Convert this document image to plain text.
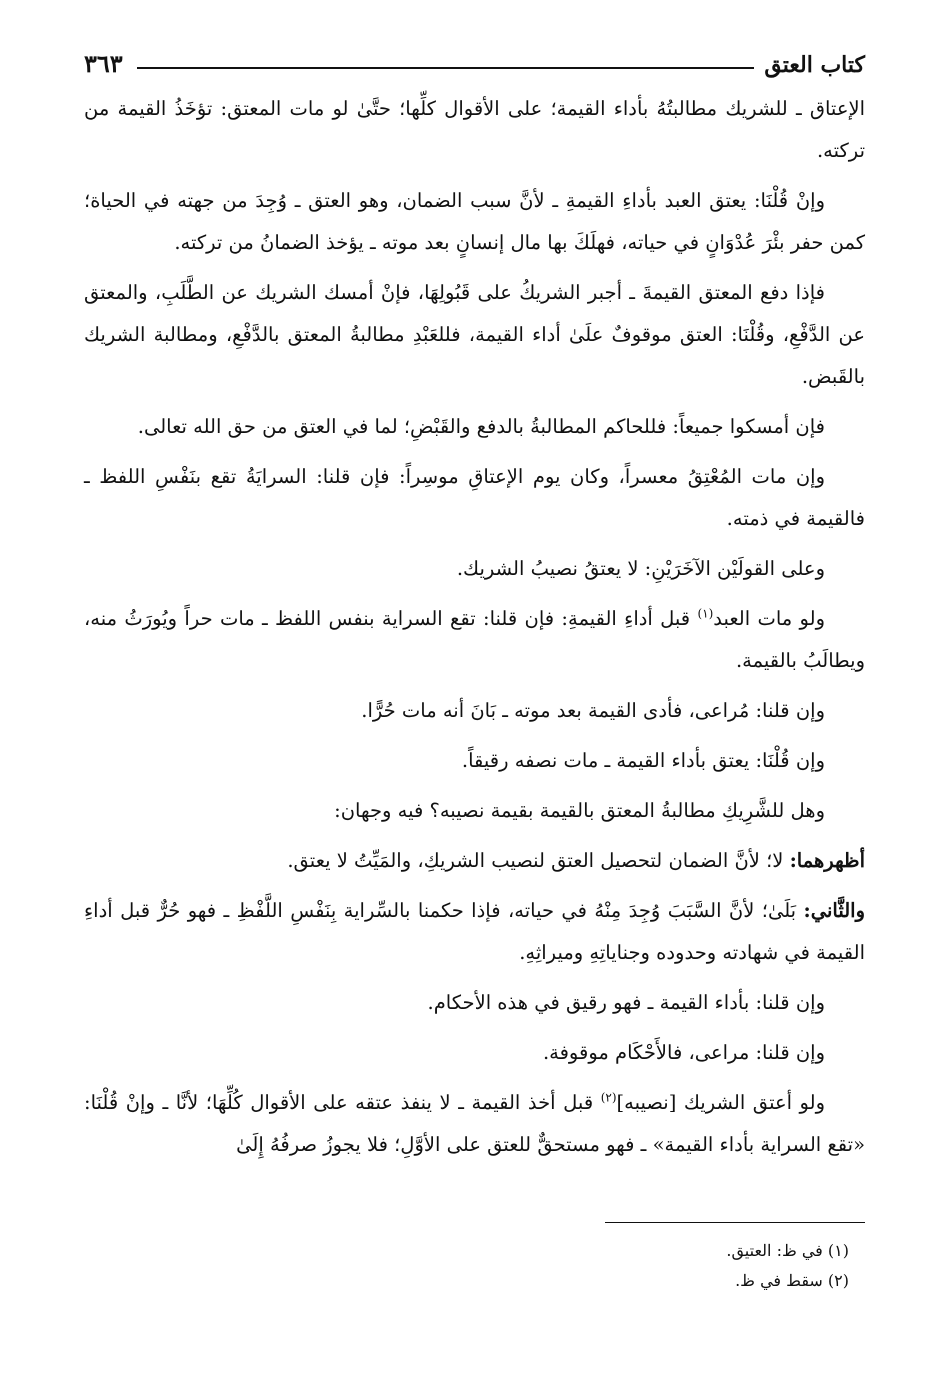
٣٦٣	كتاب العتق

الإعتاق ـ للشريك مطالبتُهُ بأداء القيمة؛ على الأقوال كلِّها؛ حتَّىٰ لو مات المعتق: تؤخَذُ القيمة من تركته.

وإنْ قُلْنَا: يعتق العبد بأداءِ القيمةِ ـ لأنَّ سبب الضمان، وهو العتق ـ وُجِدَ من جهته في الحياة؛ كمن حفر بئْرَ عُدْوَانٍ في حياته، فهلَكَ بها مال إنسانٍ بعد موته ـ يؤخذ الضمانُ من تركته.

فإذا دفع المعتق القيمةَ ـ أجبر الشريكُ على قَبُولِهَا، فإنْ أمسك الشريك عن الطَّلَبِ، والمعتق عن الدَّفْعِ، وقُلْنَا: العتق موقوفٌ علَىٰ أداء القيمة، فللعَبْدِ مطالبةُ المعتق بالدَّفْعِ، ومطالبة الشريك بالقَبض.

فإن أمسكوا جميعاً: فللحاكم المطالبةُ بالدفع والقَبْضِ؛ لما في العتق من حق الله تعالى.

وإن مات المُعْتِقُ معسراً، وكان يوم الإعتاقِ موسِراً: فإن قلنا: السرايَةُ تقع بنَفْسِ اللفظ ـ فالقيمة في ذمته.

وعلى القولَيْن الآخَرَيْنِ: لا يعتقُ نصيبُ الشريك.

ولو مات العبد$^{(١)}$ قبل أداءِ القيمةِ: فإن قلنا: تقع السراية بنفس اللفظ ـ مات حراً ويُورَثُ منه، ويطالَبُ بالقيمة.

وإن قلنا: مُراعى، فأدى القيمة بعد موته ـ بَانَ أنه مات حُرًّا.

وإن قُلْنَا: يعتق بأداء القيمة ـ مات نصفه رقيقاً.

وهل للشَّرِيكِ مطالبةُ المعتق بالقيمة بقيمة نصيبه؟ فيه وجهان:

أظهرهما: لا؛ لأنَّ الضمان لتحصيل العتق لنصيب الشريكِ، والمَيِّتُ لا يعتق.

والثَّاني: بَلَىٰ؛ لأنَّ السَّبَبَ وُجِدَ مِنْهُ في حياته، فإذا حكمنا بالسِّراية بِنَفْسِ اللَّفْظِ ـ فهو حُرٌّ قبل أداءِ القيمة في شهادته وحدوده وجناياتِهِ وميراثِهِ.

وإن قلنا: بأداء القيمة ـ فهو رقيق في هذه الأحكام.

وإن قلنا: مراعى، فالأَحْكَام موقوفة.

ولو أعتق الشريك [نصيبه]$^{(٢)}$ قبل أخذ القيمة ـ لا ينفذ عتقه على الأقوال كُلِّهَا؛ لأنَّا ـ وإنْ قُلْنَا: «تقع السراية بأداء القيمة» ـ فهو مستحقٌّ للعتق على الأوَّلِ؛ فلا يجوزُ صرفُهُ إِلَىٰ

(١) في ظ: العتيق.
(٢) سقط في ظ.
